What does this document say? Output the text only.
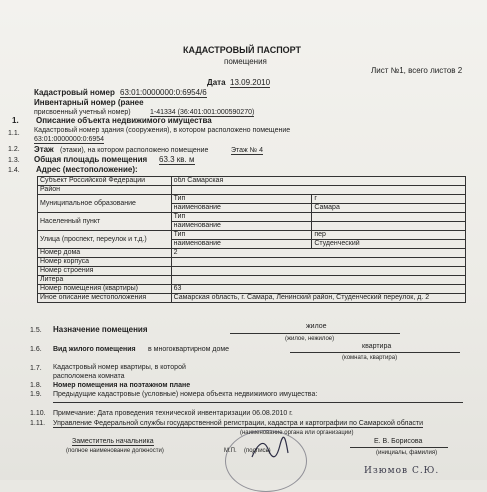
КАДАСТРОВЫЙ ПАСПОРТ
помещения
Лист №1, всего листов 2
Дата 13.09.2010
Кадастровый номер 63:01:0000000:0:6954/6
Инвентарный номер (ранее
присвоенный учетный номер)	1-41334 (36:401:001:000590270)
1. Описание объекта недвижимого имущества
1.1. Кадастровый номер здания (сооружения), в котором расположено помещение
63:01:0000000:0:6954
1.2. Этаж (этажи), на котором расположено помещение	Этаж № 4
1.3. Общая площадь помещения 63.3 кв. м
1.4. Адрес (местоположение):
Субъект Российской Федерации	обл Самарская	
Район		
Муниципальное образование	Тип	г
	наименование	Самара
Населенный пункт	Тип	
	наименование	
Улица (проспект, переулок и т.д.)	Тип	пер
	наименование	Студенческий
Номер дома	2	
Номер корпуса		
Номер строения		
Литера		
Номер помещения (квартиры)	63	
Иное описание местоположения	Самарская область, г. Самара, Ленинский район, Студенческий переулок, д. 2	
1.5. Назначение помещения	жилое
(жилое, нежилое)
1.6. Вид жилого помещения в многоквартирном доме	квартира
(комната, квартира)
1.7. Кадастровый номер квартиры, в которой
расположена комната
1.8. Номер помещения на поэтажном плане
1.9. Предыдущие кадастровые (условные) номера объекта недвижимого имущества:
1.10. Примечание: Дата проведения технической инвентаризации 06.08.2010 г.
1.11. Управление Федеральной службы государственной регистрации, кадастра и картографии по Самарской области
(наименование органа или организации)
Заместитель начальника
(полное наименование должности)	М.П. (подпись)
Е. В. Борисова
(инициалы, фамилия)
Изюмов С.Ю.
